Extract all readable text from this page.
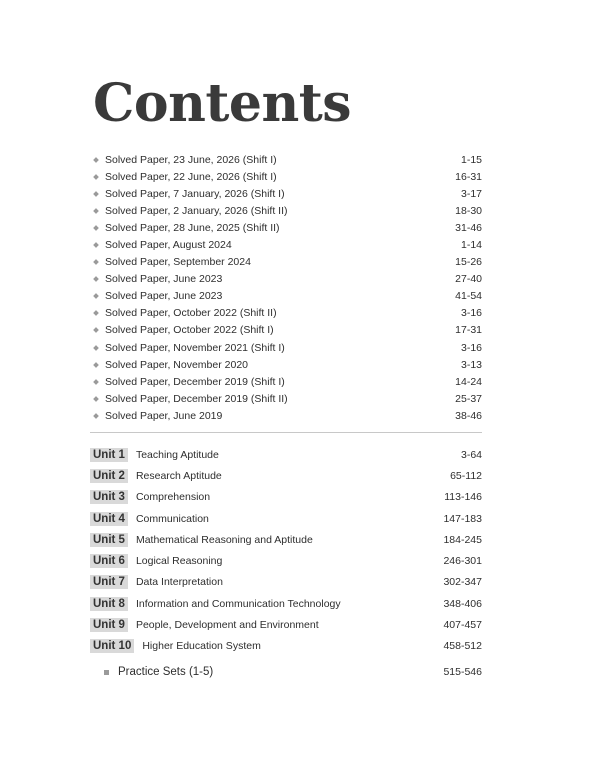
Contents
Solved Paper, 23 June, 2026 (Shift I)	1-15
Solved Paper, 22 June, 2026 (Shift I)	16-31
Solved Paper, 7 January, 2026 (Shift I)	3-17
Solved Paper, 2 January, 2026 (Shift II)	18-30
Solved Paper, 28 June, 2025 (Shift II)	31-46
Solved Paper, August 2024	1-14
Solved Paper, September 2024	15-26
Solved Paper, June 2023	27-40
Solved Paper, June 2023	41-54
Solved Paper, October 2022 (Shift II)	3-16
Solved Paper, October 2022 (Shift I)	17-31
Solved Paper, November 2021 (Shift I)	3-16
Solved Paper, November 2020	3-13
Solved Paper, December 2019 (Shift I)	14-24
Solved Paper, December 2019 (Shift II)	25-37
Solved Paper, June 2019	38-46
Unit 1 Teaching Aptitude	3-64
Unit 2 Research Aptitude	65-112
Unit 3 Comprehension	113-146
Unit 4 Communication	147-183
Unit 5 Mathematical Reasoning and Aptitude	184-245
Unit 6 Logical Reasoning	246-301
Unit 7 Data Interpretation	302-347
Unit 8 Information and Communication Technology	348-406
Unit 9 People, Development and Environment	407-457
Unit 10 Higher Education System	458-512
Practice Sets (1-5)	515-546
